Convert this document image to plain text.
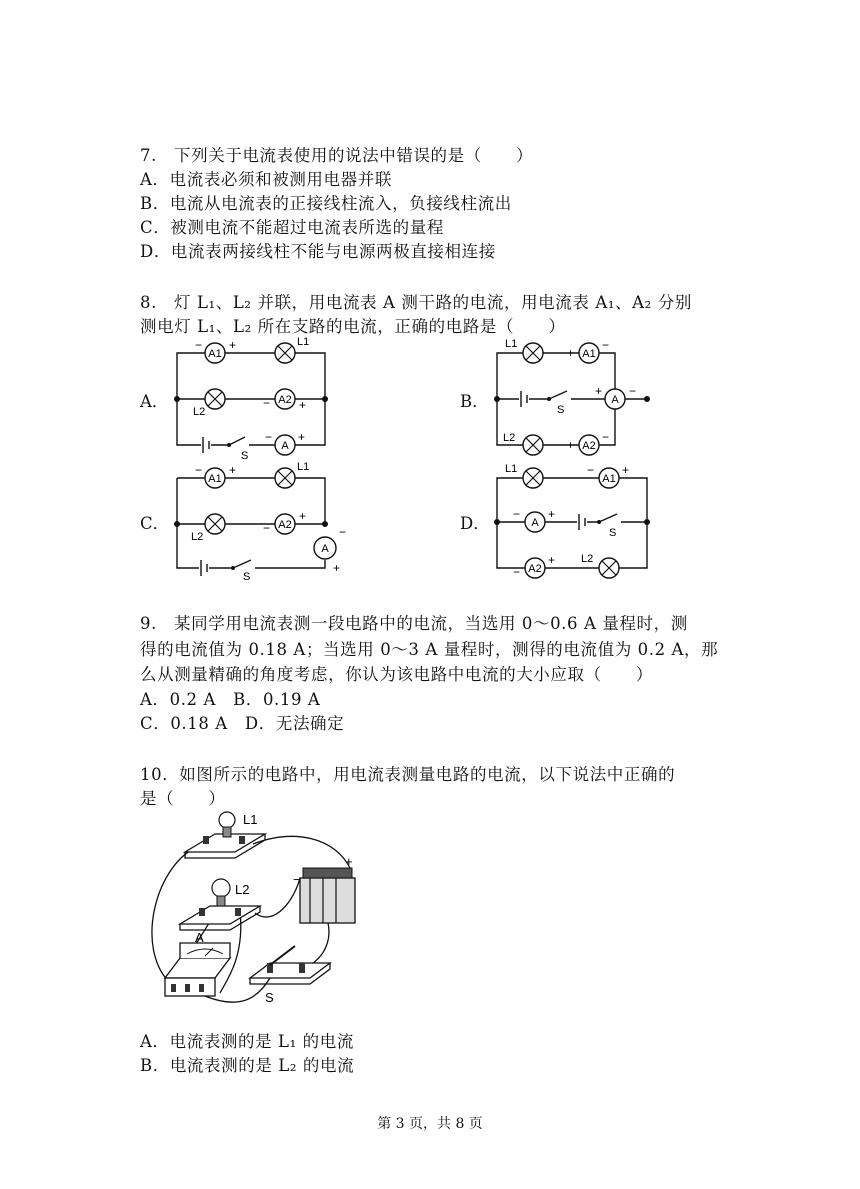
7.　下列关于电流表使用的说法中错误的是（　　）
A．电流表必须和被测用电器并联
B．电流从电流表的正接线柱流入，负接线柱流出
C．被测电流不能超过电流表所选的量程
D．电流表两接线柱不能与电源两极直接相连接
8.　灯 L₁、L₂ 并联，用电流表 A 测干路的电流，用电流表 A₁、A₂ 分别
测电灯 L₁、L₂ 所在支路的电流，正确的电路是（　　）
A．	B．
C．	D．
A1
− +	L1
L2
A2
− +
S
A
− +
L1
A1
+
−
S
A
+ −
L2
A2
+
−
A1
− +	L1
L2
A2
−
+
A
−
+
S
L1
A1
− +
A
− +
S
A2
−
+ L2
9.　某同学用电流表测一段电路中的电流，当选用 0～0.6 A 量程时，测
得的电流值为 0.18 A；当选用 0～3 A 量程时，测得的电流值为 0.2 A，那
么从测量精确的角度考虑，你认为该电路中电流的大小应取（　　）
A．0.2 A　B．0.19 A
C．0.18 A　D．无法确定
10．如图所示的电路中，用电流表测量电路的电流，以下说法中正确的
是（　　）
L1
L2
−
+
A
S
A．电流表测的是 L₁ 的电流
B．电流表测的是 L₂ 的电流
第 3 页，共 8 页
